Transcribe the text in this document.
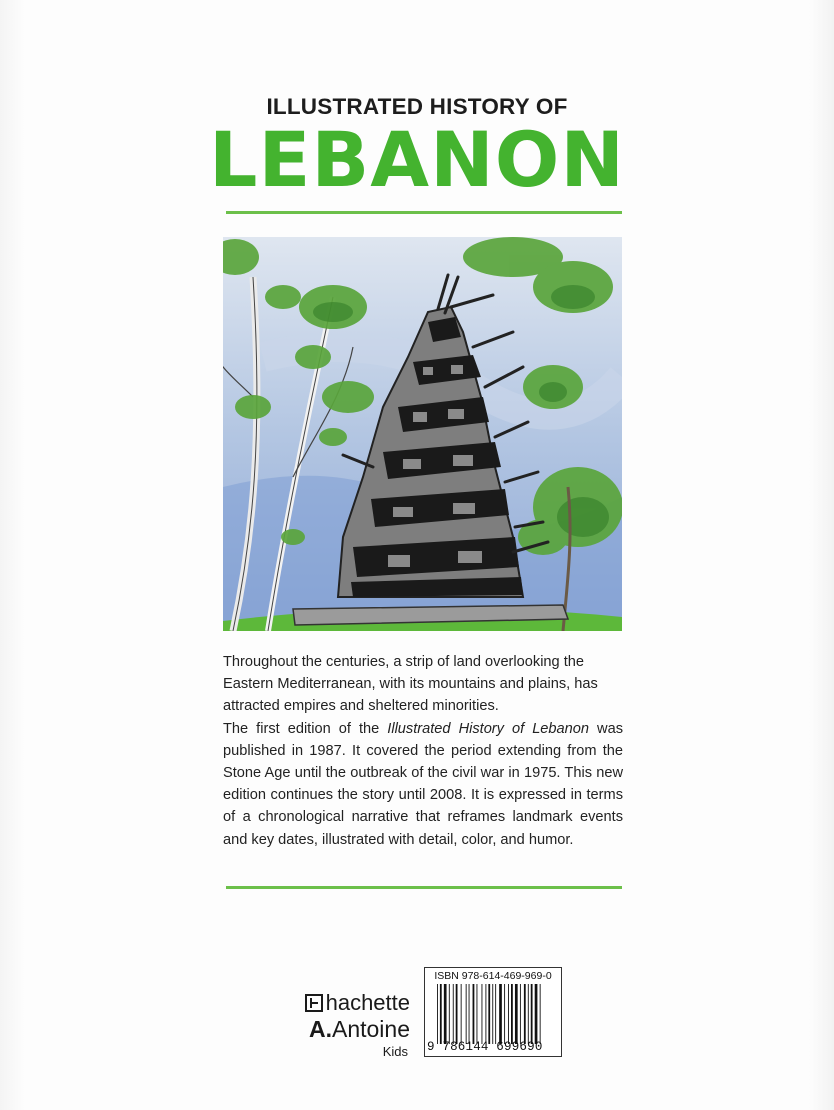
ILLUSTRATED HISTORY OF
LEBANON

Throughout the centuries, a strip of land overlooking the Eastern Mediterranean, with its mountains and plains, has attracted empires and sheltered minorities.

The first edition of the Illustrated History of Lebanon was published in 1987. It covered the period extending from the Stone Age until the outbreak of the civil war in 1975. This new edition continues the story until 2008. It is expressed in terms of a chronological narrative that reframes landmark events and key dates, illustrated with detail, color, and humor.

hachette
A. Antoine
Kids
ISBN 978-614-469-969-0
9 786144 699690
